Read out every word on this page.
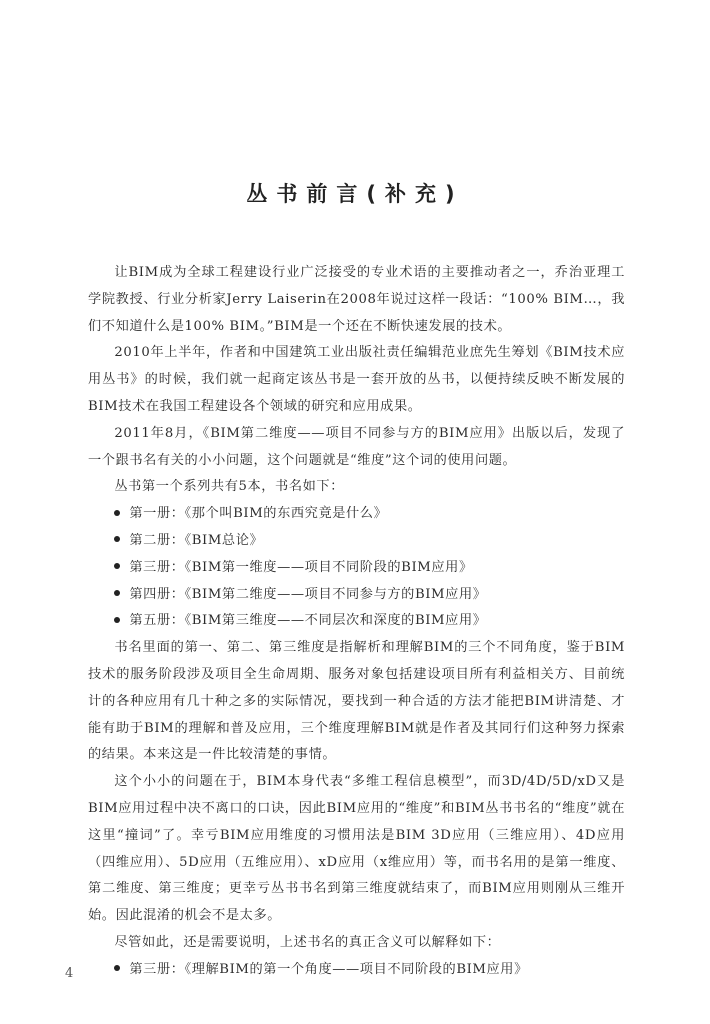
丛书前言(补充)

让BIM成为全球工程建设行业广泛接受的专业术语的主要推动者之一，乔治亚理工学院教授、行业分析家Jerry Laiserin在2008年说过这样一段话：“100% BIM…，我们不知道什么是100% BIM。”BIM是一个还在不断快速发展的技术。

2010年上半年，作者和中国建筑工业出版社责任编辑范业庶先生筹划《BIM技术应用丛书》的时候，我们就一起商定该丛书是一套开放的丛书，以便持续反映不断发展的BIM技术在我国工程建设各个领域的研究和应用成果。

2011年8月，《BIM第二维度——项目不同参与方的BIM应用》出版以后，发现了一个跟书名有关的小小问题，这个问题就是“维度”这个词的使用问题。

丛书第一个系列共有5本，书名如下：

第一册：《那个叫BIM的东西究竟是什么》

第二册：《BIM总论》

第三册：《BIM第一维度——项目不同阶段的BIM应用》

第四册：《BIM第二维度——项目不同参与方的BIM应用》

第五册：《BIM第三维度——不同层次和深度的BIM应用》

书名里面的第一、第二、第三维度是指解析和理解BIM的三个不同角度，鉴于BIM技术的服务阶段涉及项目全生命周期、服务对象包括建设项目所有利益相关方、目前统计的各种应用有几十种之多的实际情况，要找到一种合适的方法才能把BIM讲清楚、才能有助于BIM的理解和普及应用，三个维度理解BIM就是作者及其同行们这种努力探索的结果。本来这是一件比较清楚的事情。

这个小小的问题在于，BIM本身代表“多维工程信息模型”，而3D/4D/5D/xD又是BIM应用过程中决不离口的口诀，因此BIM应用的“维度”和BIM丛书书名的“维度”就在这里“撞词”了。幸亏BIM应用维度的习惯用法是BIM 3D应用（三维应用）、4D应用（四维应用）、5D应用（五维应用）、xD应用（x维应用）等，而书名用的是第一维度、第二维度、第三维度；更幸亏丛书书名到第三维度就结束了，而BIM应用则刚从三维开始。因此混淆的机会不是太多。

尽管如此，还是需要说明，上述书名的真正含义可以解释如下：

第三册：《理解BIM的第一个角度——项目不同阶段的BIM应用》

4
